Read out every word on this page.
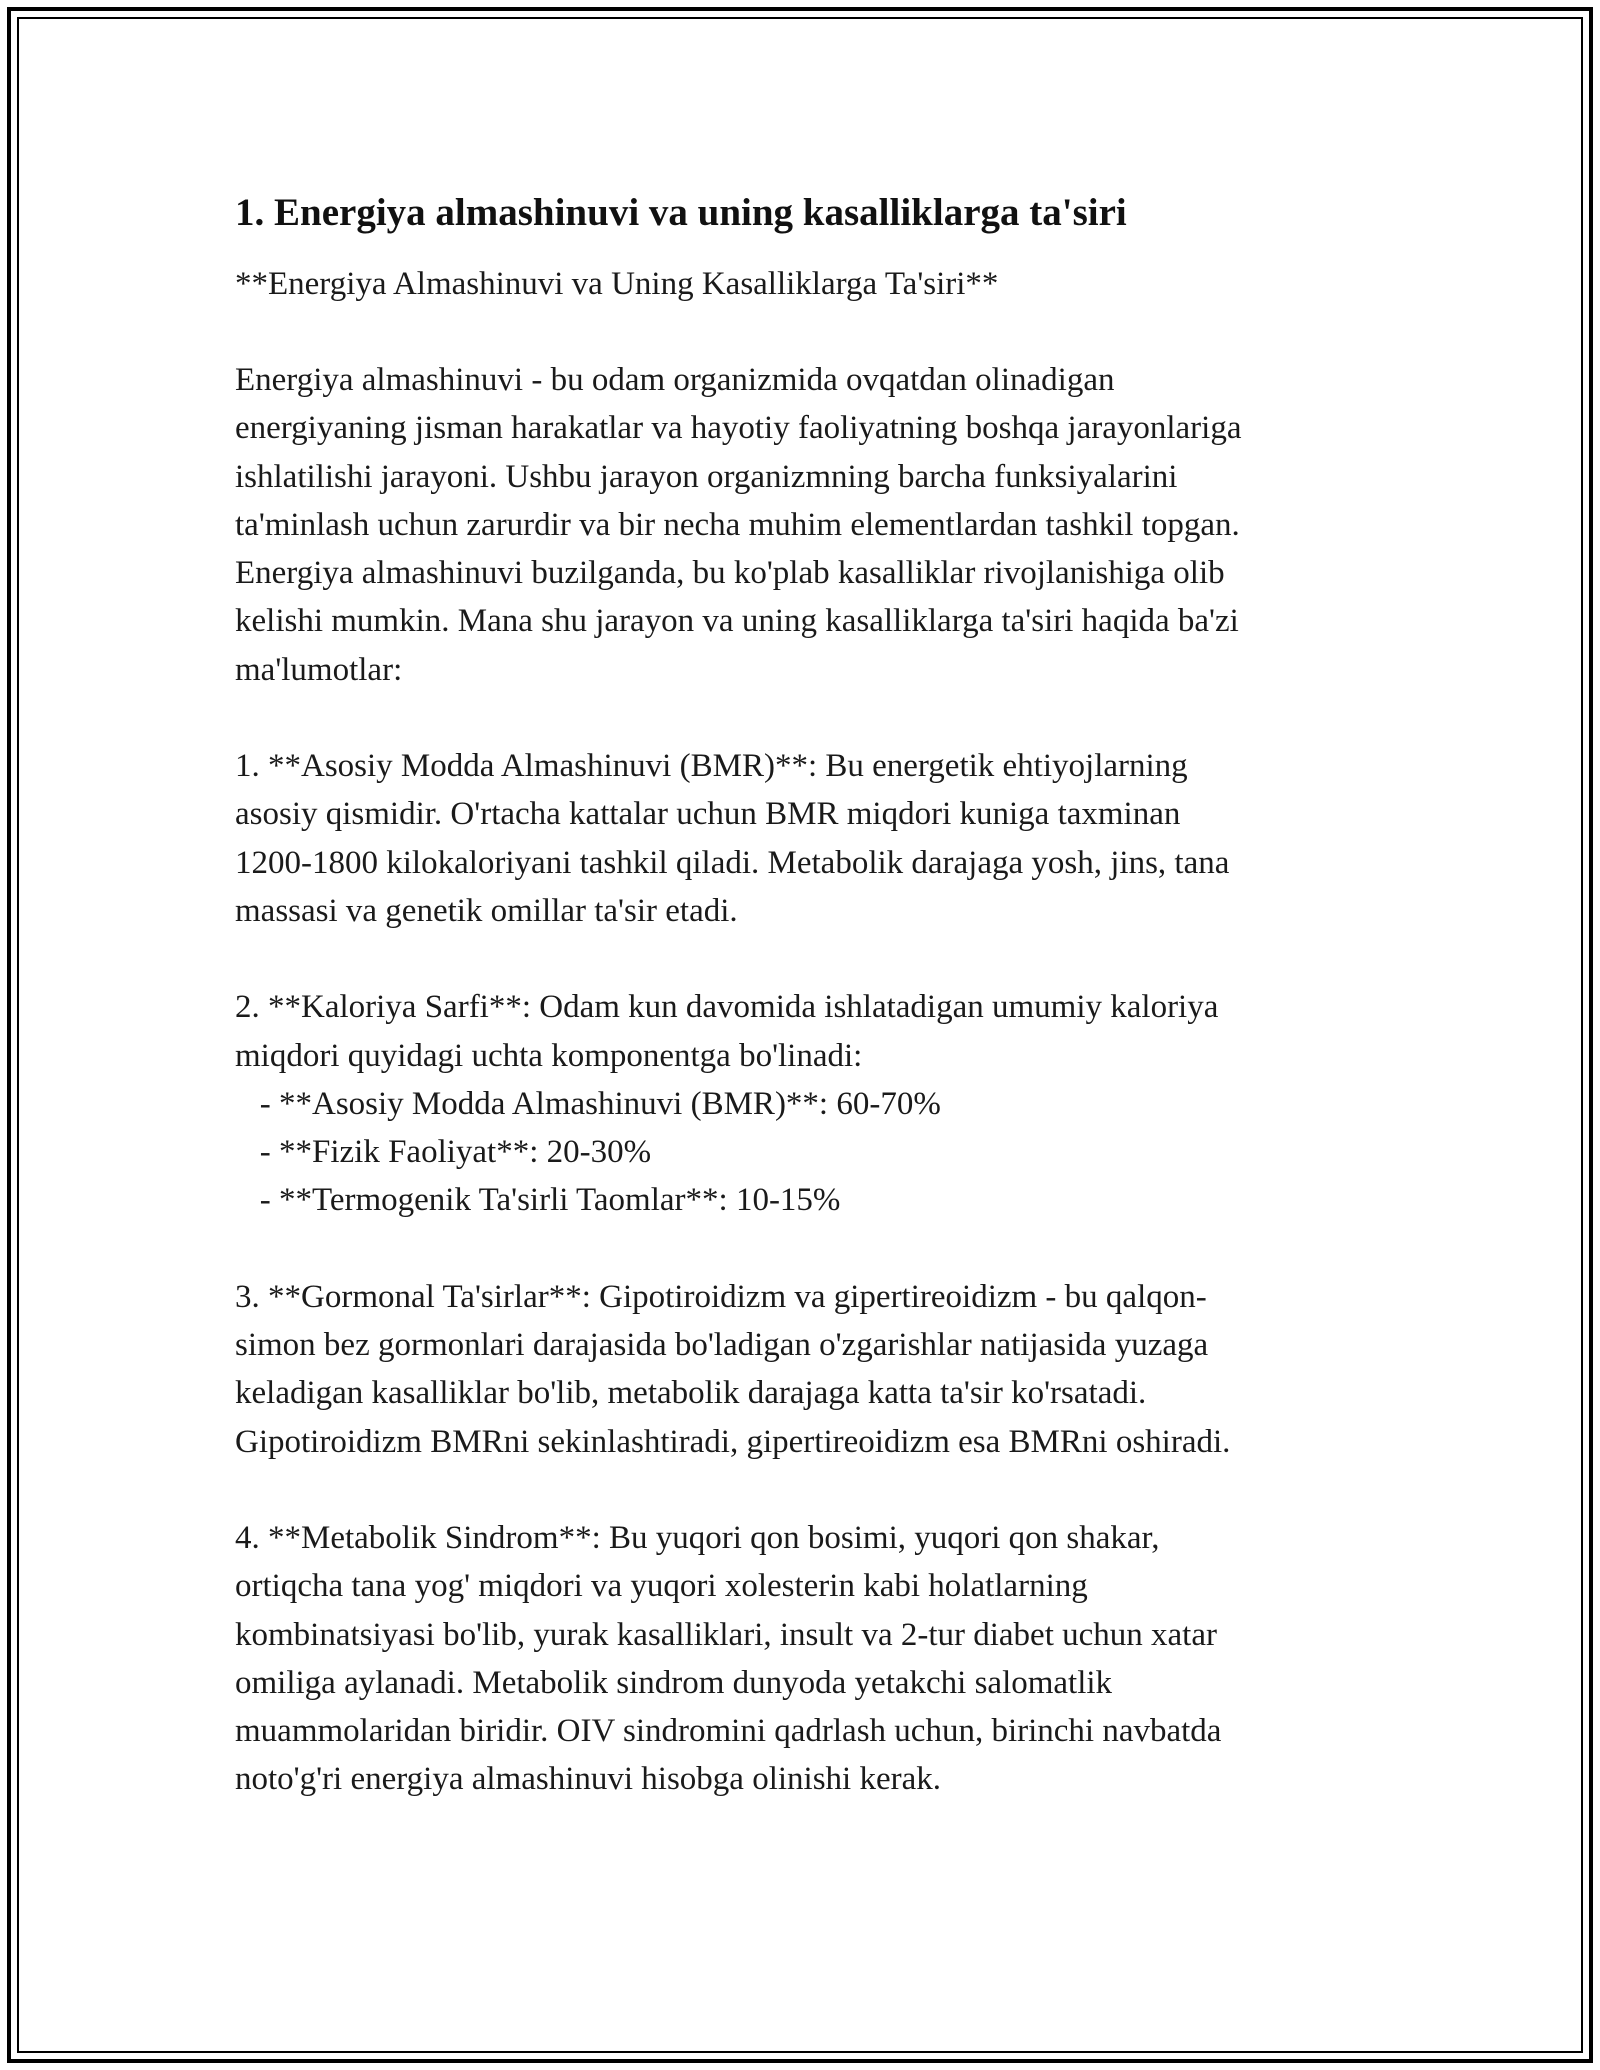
1. Energiya almashinuvi va uning kasalliklarga ta'siri

**Energiya Almashinuvi va Uning Kasalliklarga Ta'siri**

Energiya almashinuvi - bu odam organizmida ovqatdan olinadigan
energiyaning jisman harakatlar va hayotiy faoliyatning boshqa jarayonlariga
ishlatilishi jarayoni. Ushbu jarayon organizmning barcha funksiyalarini
ta'minlash uchun zarurdir va bir necha muhim elementlardan tashkil topgan.
Energiya almashinuvi buzilganda, bu ko'plab kasalliklar rivojlanishiga olib
kelishi mumkin. Mana shu jarayon va uning kasalliklarga ta'siri haqida ba'zi
ma'lumotlar:

1. **Asosiy Modda Almashinuvi (BMR)**: Bu energetik ehtiyojlarning
asosiy qismidir. O'rtacha kattalar uchun BMR miqdori kuniga taxminan
1200-1800 kilokaloriyani tashkil qiladi. Metabolik darajaga yosh, jins, tana
massasi va genetik omillar ta'sir etadi.

2. **Kaloriya Sarfi**: Odam kun davomida ishlatadigan umumiy kaloriya
miqdori quyidagi uchta komponentga bo'linadi:
- **Asosiy Modda Almashinuvi (BMR)**: 60-70%
- **Fizik Faoliyat**: 20-30%
- **Termogenik Ta'sirli Taomlar**: 10-15%

3. **Gormonal Ta'sirlar**: Gipotiroidizm va gipertireoidizm - bu qalqon-
simon bez gormonlari darajasida bo'ladigan o'zgarishlar natijasida yuzaga
keladigan kasalliklar bo'lib, metabolik darajaga katta ta'sir ko'rsatadi.
Gipotiroidizm BMRni sekinlashtiradi, gipertireoidizm esa BMRni oshiradi.

4. **Metabolik Sindrom**: Bu yuqori qon bosimi, yuqori qon shakar,
ortiqcha tana yog' miqdori va yuqori xolesterin kabi holatlarning
kombinatsiyasi bo'lib, yurak kasalliklari, insult va 2-tur diabet uchun xatar
omiliga aylanadi. Metabolik sindrom dunyoda yetakchi salomatlik
muammolaridan biridir. OIV sindromini qadrlash uchun, birinchi navbatda
noto'g'ri energiya almashinuvi hisobga olinishi kerak.
